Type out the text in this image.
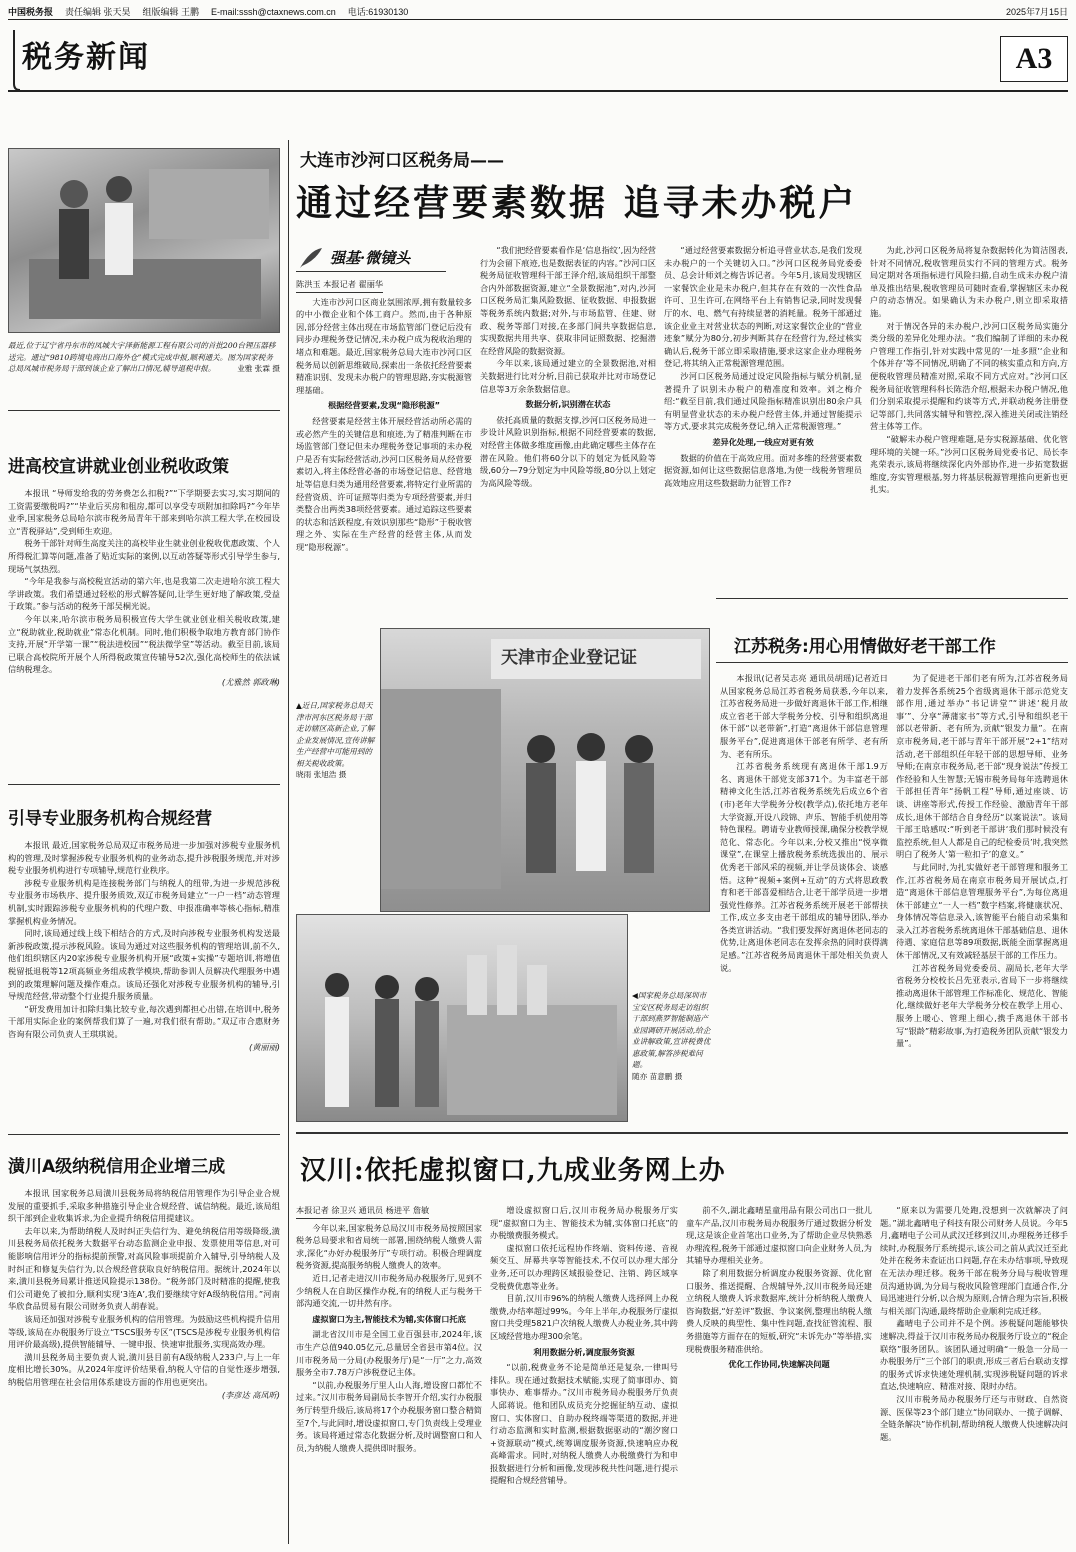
中国税务报 责任编辑 张天昊 组版编辑 王鹏 E-mail:sssh@ctaxnews.com.cn 电话:61930130	2025年7月15日
税务新闻	A3
最近,位于辽宁省丹东市的凤城大宇泽新能源工程有限公司的首批200台锂压器移送完。通过“9810跨境电商出口海外仓”模式完成申报,顺利通关。图为国家税务总局凤城市税务局干部到该企业了解出口情况,辅导退税申报。	业雅 张霖 摄
进高校宣讲就业创业税收政策

本报讯 “导师发给我的劳务费怎么扣税?”“下学期要去实习,实习期间的工资需要缴税吗?”“毕业后买房和租房,都可以享受专项附加扣除吗?”今年毕业季,国家税务总局哈尔滨市税务局青年干部来到哈尔滨工程大学,在校园设立“青税驿站”,受到师生欢迎。

税务干部针对师生高度关注的高校毕业生就业创业税收优惠政策、个人所得税汇算等问题,准备了贴近实际的案例,以互动答疑等形式引导学生参与,现场气氛热烈。

“今年是我参与高校税宣活动的第六年,也是我第二次走进哈尔滨工程大学讲政策。我们希望通过轻松的形式解答疑问,让学生更好地了解政策,受益于政策。”参与活动的税务干部吴桐光说。

今年以来,哈尔滨市税务局积极宣传大学生就业创业相关税收政策,建立“税助就业,税助就业”常态化机制。同时,他们积极争取地方教育部门协作支持,开展“开学第一课”“税法进校园”“税法微学堂”等活动。截至目前,该局已联合高校院所开展个人所得税政策宣传辅导52次,强化高校师生的依法诚信纳税理念。

(尤雅然 郭政琳)

引导专业服务机构合规经营

本报讯 最近,国家税务总局双辽市税务局进一步加强对涉税专业服务机构的管理,及时掌握涉税专业服务机构的业务动态,提升涉税服务规范,并对涉税专业服务机构进行专项辅导,规范行业秩序。

涉税专业服务机构是连接税务部门与纳税人的纽带,为进一步规范涉税专业服务市场秩序、提升服务质效,双辽市税务局建立“一户一档”动态管理机制,实时跟踪涉税专业服务机构的代理户数、申报准确率等核心指标,精准掌握机构业务情况。

同时,该局通过线上线下相结合的方式,及时向涉税专业服务机构发送最新涉税政策,提示涉税风险。该局为通过对这些服务机构的管理培训,前不久,他们组织辖区内20家涉税专业服务机构开展“政策+实操”专题培训,将增值税留抵退税等12项高频业务组成教学模块,帮助参训人员解决代理服务中遇到的政策理解问题及操作难点。该局还强化对涉税专业服务机构的辅导,引导规范经营,带动整个行业提升服务质量。

“研发费用加计扣除归集比较专业,每次遇到都担心出错,在培训中,税务干部用实际企业的案例帮我们算了一遍,对我们很有帮助。”双辽市合惠财务咨询有限公司负责人王琪琪说。

(黄丽丽)

潢川A级纳税信用企业增三成

本报讯 国家税务总局潢川县税务局将纳税信用管理作为引导企业合规发展的重要抓手,采取多种措施引导企业合规经营、诚信纳税。最近,该局组织干部到企业收集诉求,为企业提升纳税信用提建议。

去年以来,为帮助纳税人及时纠正失信行为、避免纳税信用等级降级,潢川县税务局依托税务大数据平台动态监测企业申报、发票使用等信息,对可能影响信用评分的指标提前预警,对高风险事项提前介入辅导,引导纳税人及时纠正和修复失信行为,以合规经营获取良好纳税信用。据统计,2024年以来,潢川县税务局累计推送风险提示138份。“税务部门及时精准的提醒,使我们公司避免了被扣分,顺利实现‘3连A’,我们要继续守好A级纳税信用。”河南华欣食品贸易有限公司财务负责人胡春说。

该局还加强对涉税专业服务机构的信用管理。为鼓励这些机构提升信用等级,该局在办税服务厅设立“TSCS服务专区”(TSCS是涉税专业服务机构信用评价最高级),提供智能辅导、一键申报、快速审批服务,实现高效办理。

潢川县税务局主要负责人说,潢川县目前有A级纳税人233户,与上一年度相比增长30%。从2024年度评价结果看,纳税人守信的自觉性逐步增强,纳税信用管理在社会信用体系建设方面的作用也更突出。

(李彦达 高凤昕)

大连市沙河口区税务局——
通过经营要素数据 追寻未办税户
强基·微镜头
陈洪玉 本报记者 翟丽华

大连市沙河口区商业氛围浓厚,拥有数量较多的中小微企业和个体工商户。然而,由于各种原因,部分经营主体出现在市场监管部门登记后没有同步办理税务登记情况,未办税户成为税收治理的堵点和难题。最近,国家税务总局大连市沙河口区税务局以创新思维破局,探索出一条依托经营要素精准识别、发现未办税户的管理思路,夯实税源管理基础。

根据经营要素,发现“隐形税源”

经营要素是经营主体开展经营活动所必需的或必然产生的关键信息和痕迹,为了精准判断在市场监管部门登记但未办理税务登记事项的未办税户是否有实际经营活动,沙河口区税务局从经营要素切入,将主体经营必备的市场登记信息、经营地址等信息归类为通用经营要素,将特定行业所需的经营资质、许可证照等归类为专项经营要素,并归类整合出两类38项经营要素。通过追踪这些要素的状态和活跃程度,有效识别那些“隐形”于税收管理之外、实际在生产经营的经营主体,从而发现“隐形税源”。

“我们把经营要素看作是‘信息指纹’,因为经营行为会留下痕迹,也是数据表征的内容。”沙河口区税务局征收管理科干部王泽介绍,该局组织干部整合内外部数据资源,建立“全景数据池”,对内,沙河口区税务局汇集风险数据、征收数据、申报数据等税务系统内数据;对外,与市场监管、住建、财政、税务等部门对接,在多部门间共享数据信息,实现数据共用共享、获取非同证照数据、挖掘潜在经营风险的数据资源。

今年以来,该局通过建立的全景数据池,对相关数据进行比对分析,目前已获取并比对市场登记信息等3万余条数据信息。

数据分析,识别潜在状态

依托高质量的数据支撑,沙河口区税务局进一步设计风险识别指标,根据不同经营要素的数据,对经营主体做多维度画像,由此确定哪些主体存在潜在风险。他们将60分以下的划定为低风险等级,60分—79分划定为中风险等级,80分以上划定为高风险等级。

“通过经营要素数据分析追寻营业状态,是我们发现未办税户的一个关键切入口。”沙河口区税务局党委委员、总会计师刘之梅告诉记者。今年5月,该局发现辖区一家餐饮企业是未办税户,但其存在有效的一次性食品许可、卫生许可,在网络平台上有销售记录,同时发现餐厅的水、电、燃气有持续显著的消耗量。税务干部通过该企业业主对营业状态的判断,对这家餐饮企业的“营业迹象”赋分为80分,初步判断其存在经营行为,经过核实确认后,税务干部立即采取措施,要求这家企业办理税务登记,将其纳入正常税源管理范围。

沙河口区税务局通过设定风险指标与赋分机制,显著提升了识别未办税户的精准度和效率。刘之梅介绍:“截至目前,我们通过风险指标精准识别出80余户具有明显营业状态的未办税户经营主体,并通过智能提示等方式,要求其完成税务登记,纳入正常税源管理。”

差异化处理,一线应对更有效

数据的价值在于高效应用。面对多维的经营要素数据资源,如何让这些数据信息落地,为使一线税务管理员高效地应用这些数据助力征管工作?

为此,沙河口区税务局将复杂数据转化为简洁图表,针对不同情况,税收管理员实行不同的管理方式。税务局定期对各项指标进行风险扫描,自动生成未办税户清单及推出结果,税收管理员可随时查看,掌握辖区未办税户的动态情况。如果确认为未办税户,则立即采取措施。

对于情况各异的未办税户,沙河口区税务局实施分类分级的差异化处理办法。“我们编制了详细的未办税户管理工作指引,针对实践中常见的‘一址多照’‘企业和个体并存’等不同情况,明确了不同的核实重点和方向,方便税收管理员精准对照,采取不同方式应对。”沙河口区税务局征收管理科科长陈浩介绍,根据未办税户情况,他们分别采取提示提醒和约谈等方式,并联动税务注册登记等部门,共同落实辅导和管控,深入推进关闭或注销经营主体等工作。

“破解未办税户管理难题,是夯实税源基础、优化管理环境的关键一环。”沙河口区税务局党委书记、局长李兆荣表示,该局将继续深化内外部协作,进一步拓宽数据维度,夯实管理根基,努力将基层税源管理推向更新也更扎实。

天津市企业登记证
▲近日,国家税务总局天津市河东区税务局干部走访辖区高新企业,了解企业发展情况,宣传讲解生产经营中可能用到的相关税收政策。
晓雨 张旭浩 摄
◀国家税务总局深圳市宝安区税务局走访组织干部到燕罗智能制造产业园调研开展活动,给企业讲解政策,宣讲税费优惠政策,解答涉税难问题。
随亦 苗意鹏 摄
江苏税务:用心用情做好老干部工作

本报讯(记者吴志亮 通讯员胡瑶)记者近日从国家税务总局江苏省税务局获悉,今年以来,江苏省税务局进一步做好离退休干部工作,相继成立省老干部大学税务分校、引导和组织离退休干部“以老带新”,打造“离退休干部信息管理服务平台”,促进离退休干部老有所学、老有所为、老有所乐。

江苏省税务系统现有离退休干部1.9万名、离退休干部党支部371个。为丰富老干部精神文化生活,江苏省税务系统先后成立6个省(市)老年大学税务分校(教学点),依托地方老年大学资源,开设八段锦、声乐、智能手机使用等特色课程。聘请专业教师授课,确保分校教学规范化、常态化。今年以来,分校又推出“悦享微课堂”,在课堂上播放税务系统选拔出的、展示优秀老干部风采的视频,并让学员谈体会、谈感悟。这种“视频+案例+互动”的方式将思政教育和老干部喜爱相结合,让老干部学员进一步增强党性修养。江苏省税务系统开展老干部帮扶工作,成立多支由老干部组成的辅导团队,举办各类宣讲活动。“我们要发挥好离退休老同志的优势,让离退休老同志在发挥余热的同时获得满足感。”江苏省税务局离退休干部处相关负责人说。

为了促进老干部们老有所为,江苏省税务局着力发挥各系统25个省级离退休干部示范党支部作用,通过举办“书记讲堂”“讲述‘税月故事’”、分享“薄蒲家书”等方式,引导和组织老干部以老带新、老有所为,贡献“银发力量”。在南京市税务局,老干部与青年干部开展“2+1”结对活动,老干部组织任年轻干部的思想导师、业务导师;在南京市税务局,老干部“现身说法”传授工作经验和人生智慧;无锡市税务局每年选聘退休干部担任青年“扬帆工程”导师,通过座谈、访谈、讲座等形式,传授工作经验、激励青年干部成长,退休干部结合自身经历“以案说法”。该局干部王晗感叹:“听到老干部讲‘我们那时候没有监控系统,但人人都是自己的纪检委员’时,我突然明白了税务人‘第一粒扣子’的意义。”

与此同时,为扎实做好老干部管理和服务工作,江苏省税务局在南京市税务局开展试点,打造“离退休干部信息管理服务平台”,为每位离退休干部建立“一人一档”数字档案,将健康状况、身体情况等信息录入,该智能平台能自动采集和录入江苏省税务系统离退休干部基础信息、退休待遇、家庭信息等89项数据,既能全面掌握离退休干部情况,又有效减轻基层干部的工作压力。

江苏省税务局党委委员、副局长,老年大学省税务分校校长吕先亚表示,省局下一步将继续推动离退休干部管理工作标准化、规范化、智能化,继续做好老年大学税务分校在教学上用心、服务上暖心、管理上细心,携手离退休干部书写“银龄”精彩故事,为打造税务团队贡献“银发力量”。

汉川:依托虚拟窗口,九成业务网上办
本报记者 徐卫兴 通讯员 杨进平 詹敏

今年以来,国家税务总局汉川市税务局按照国家税务总局要求和省局统一部署,围绕纳税人缴费人需求,深化“办好办税服务厅”专项行动。积极合理调度税务资源,提高服务纳税人缴费人的效率。

近日,记者走进汉川市税务局办税服务厅,见到不少纳税人在自助区操作办税,有的纳税人正与税务干部沟通交流,一切井然有序。

虚拟窗口为主,智能技术为辅,实体窗口托底

湖北省汉川市是全国工业百强县市,2024年,该市生产总值940.05亿元,总量居全省县市第4位。汉川市税务局一分局(办税服务厅)是“一厅”之力,高效服务全市7.78万户涉税登记主体。

“以前,办税服务厅里人山人海,增设窗口都忙不过来。”汉川市税务局副局长李智开介绍,实行办税服务厅转型升级后,该局将17个办税服务窗口整合精简至7个,与此同时,增设虚拟窗口,专门负责线上受理业务。该局将通过常态化数据分析,及时调整窗口和人员,为纳税人缴费人提供即时服务。

增设虚拟窗口后,汉川市税务局办税服务厅实现“虚拟窗口为主、智能技术为辅,实体窗口托底”的办税缴费服务模式。

虚拟窗口依托远程协作终端、资料传递、音视频交互、屏幕共享等智能技术,不仅可以办理大部分业务,还可以办理跨区域报验登记、注销、跨区域享受税费优惠等业务。

目前,汉川市96%的纳税人缴费人选择网上办税缴费,办结率超过99%。今年上半年,办税服务厅虚拟窗口共受理5821户次纳税人缴费人办税业务,其中跨区域经营地办理300余笔。

利用数据分析,调度服务资源

“以前,税费业务不论是简单还是复杂,一律叫号排队。现在通过数据技术赋能,实现了简事即办、简事快办、难事帮办。”汉川市税务局办税服务厅负责人邱蒋说。他和团队成员充分挖掘征纳互动、虚拟窗口、实体窗口、自助办税终端等渠道的数据,并进行动态监测和实时监测,根据数据驱动的“潮汐窗口+资源联动”模式,统筹调度服务资源,快速响应办税高峰需求。同时,对纳税人缴费人办税缴费行为和申报数据进行分析和画像,发现涉税共性问题,进行提示提醒和合规经营辅导。

前不久,湖北鑫晴星童用品有限公司出口一批儿童车产品,汉川市税务局办税服务厅通过数据分析发现,这是该企业首笔出口业务,为了帮助企业尽快熟悉办理流程,税务干部通过虚拟窗口向企业财务人员,为其辅导办理相关业务。

除了利用数据分析调度办税服务资源、优化窗口服务、推送提醒、合规辅导外,汉川市税务局还建立纳税人缴费人诉求数据库,统计分析纳税人缴费人咨询数据,“好差评”数据、争议案例,整理出纳税人缴费人反映的典型性、集中性问题,查找征管流程、服务措施等方面存在的短板,研究“未诉先办”等举措,实现税费服务精准供给。

优化工作协同,快速解决问题

“原来以为需要几处跑,没想到一次就解决了问题。”湖北鑫晴电子科技有限公司财务人员说。今年5月,鑫晴电子公司从武汉迁移到汉川,办理税务迁移手续时,办税服务厅系统提示,该公司之前从武汉迁至此处并在税务未查证出口问题,存在未办结事项,导致现在无法办理迁移。税务干部在税务分局与税收管理员沟通协调,为分局与税收风险管理部门直通合作,分局迅速进行分析,以合规为原则,合情合理为宗旨,积极与相关部门沟通,最终帮助企业顺利完成迁移。

鑫晴电子公司并不是个例。涉税疑问题能够快速解决,得益于汉川市税务局办税服务厅设立的“税企联络”服务团队。该团队通过明确“一般急一分局一办税服务厅”三个部门的职责,形成三者后台联动支撑的服务式诉求快速处理机制,实现涉税疑问题的诉求直达,快速响应、精准对接、限时办结。

汉川市税务局办税服务厅还与市财政、自然资源、医保等23个部门建立“协同联办、一揽子调解、全链条解决”协作机制,帮助纳税人缴费人快速解决问题。
